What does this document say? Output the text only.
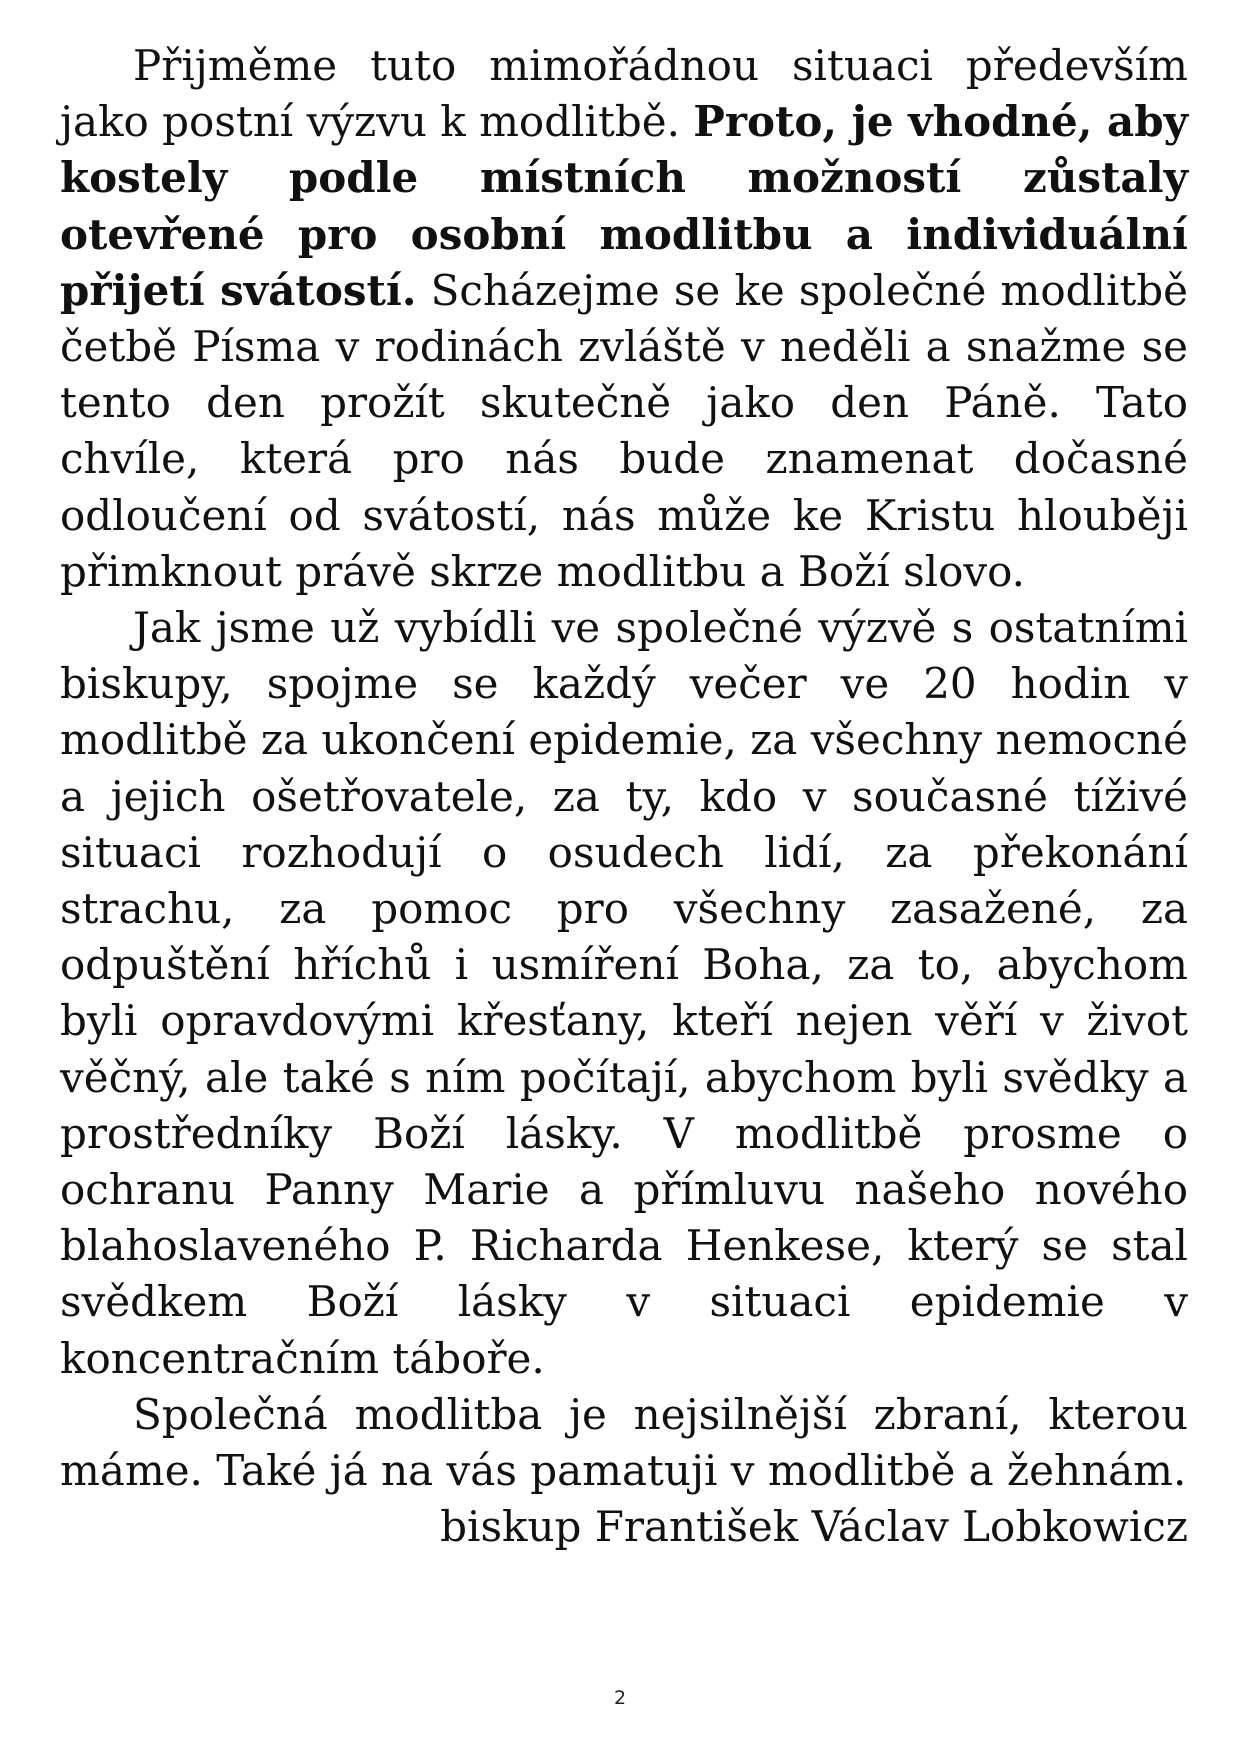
Přijměme tuto mimořádnou situaci především jako postní výzvu k modlitbě. Proto, je vhodné, aby kostely podle místních možností zůstaly otevřené pro osobní modlitbu a individuální přijetí svátostí. Scházejme se ke společné modlitbě četbě Písma v rodinách zvláště v neděli a snažme se tento den prožít skutečně jako den Páně. Tato chvíle, která pro nás bude znamenat dočasné odloučení od svátostí, nás může ke Kristu hlouběji přimknout právě skrze modlitbu a Boží slovo.

Jak jsme už vybídli ve společné výzvě s ostatními biskupy, spojme se každý večer ve 20 hodin v modlitbě za ukončení epidemie, za všechny nemocné a jejich ošetřovatele, za ty, kdo v současné tíživé situaci rozhodují o osudech lidí, za překonání strachu, za pomoc pro všechny zasažené, za odpuštění hříchů i usmíření Boha, za to, abychom byli opravdovými křesťany, kteří nejen věří v život věčný, ale také s ním počítají, abychom byli svědky a prostředníky Boží lásky. V modlitbě prosme o ochranu Panny Marie a přímluvu našeho nového blahoslaveného P. Richarda Henkese, který se stal svědkem Boží lásky v situaci epidemie v koncentračním táboře.

Společná modlitba je nejsilnější zbraní, kterou máme. Také já na vás pamatuji v modlitbě a žehnám.

biskup František Václav Lobkowicz

2
